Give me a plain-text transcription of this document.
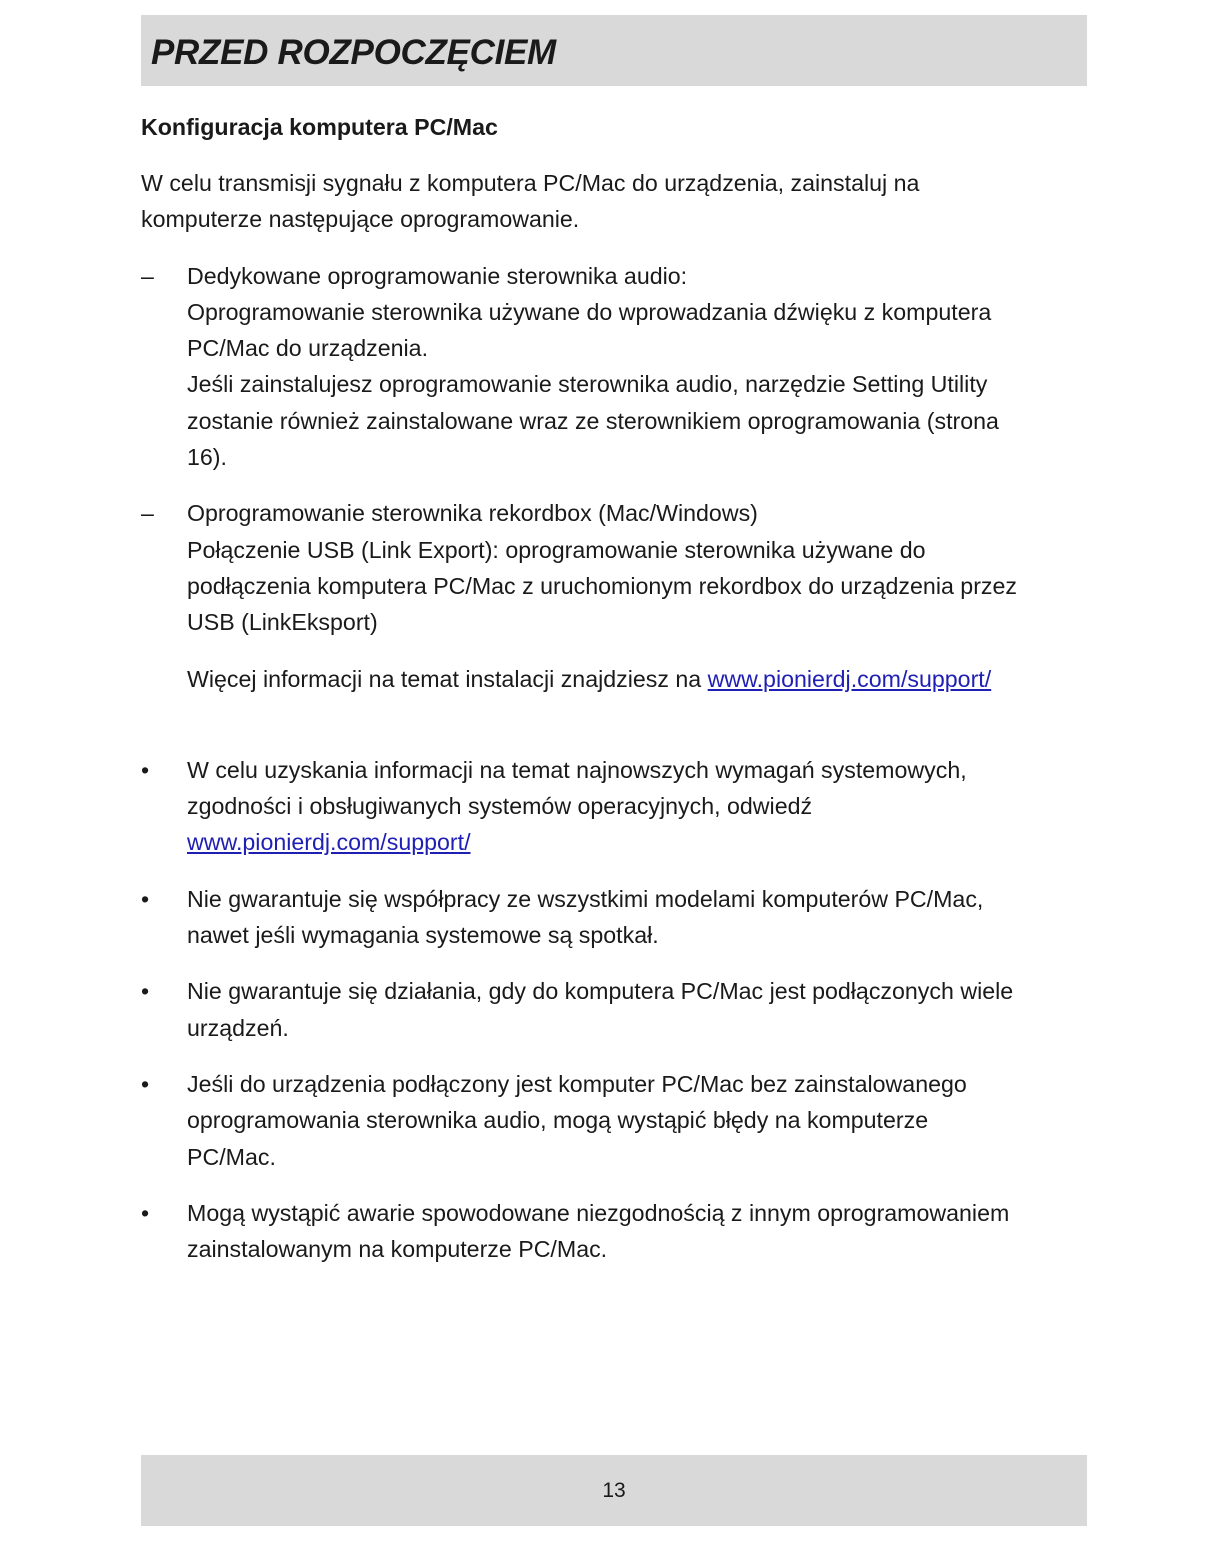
PRZED ROZPOCZĘCIEM
Konfiguracja komputera PC/Mac

W celu transmisji sygnału z komputera PC/Mac do urządzenia, zainstaluj na
komputerze następujące oprogramowanie.

–	Dedykowane oprogramowanie sterownika audio:
Oprogramowanie sterownika używane do wprowadzania dźwięku z komputera
PC/Mac do urządzenia.
Jeśli zainstalujesz oprogramowanie sterownika audio, narzędzie Setting Utility
zostanie również zainstalowane wraz ze sterownikiem oprogramowania (strona
16).
–	Oprogramowanie sterownika rekordbox (Mac/Windows)
Połączenie USB (Link Export): oprogramowanie sterownika używane do
podłączenia komputera PC/Mac z uruchomionym rekordbox do urządzenia przez
USB (LinkEksport)
Więcej informacji na temat instalacji znajdziesz na www.pionierdj.com/support/
•	W celu uzyskania informacji na temat najnowszych wymagań systemowych,
zgodności i obsługiwanych systemów operacyjnych, odwiedź
www.pionierdj.com/support/
•	Nie gwarantuje się współpracy ze wszystkimi modelami komputerów PC/Mac,
nawet jeśli wymagania systemowe są spotkał.
•	Nie gwarantuje się działania, gdy do komputera PC/Mac jest podłączonych wiele
urządzeń.
•	Jeśli do urządzenia podłączony jest komputer PC/Mac bez zainstalowanego
oprogramowania sterownika audio, mogą wystąpić błędy na komputerze
PC/Mac.
•	Mogą wystąpić awarie spowodowane niezgodnością z innym oprogramowaniem
zainstalowanym na komputerze PC/Mac.
13
